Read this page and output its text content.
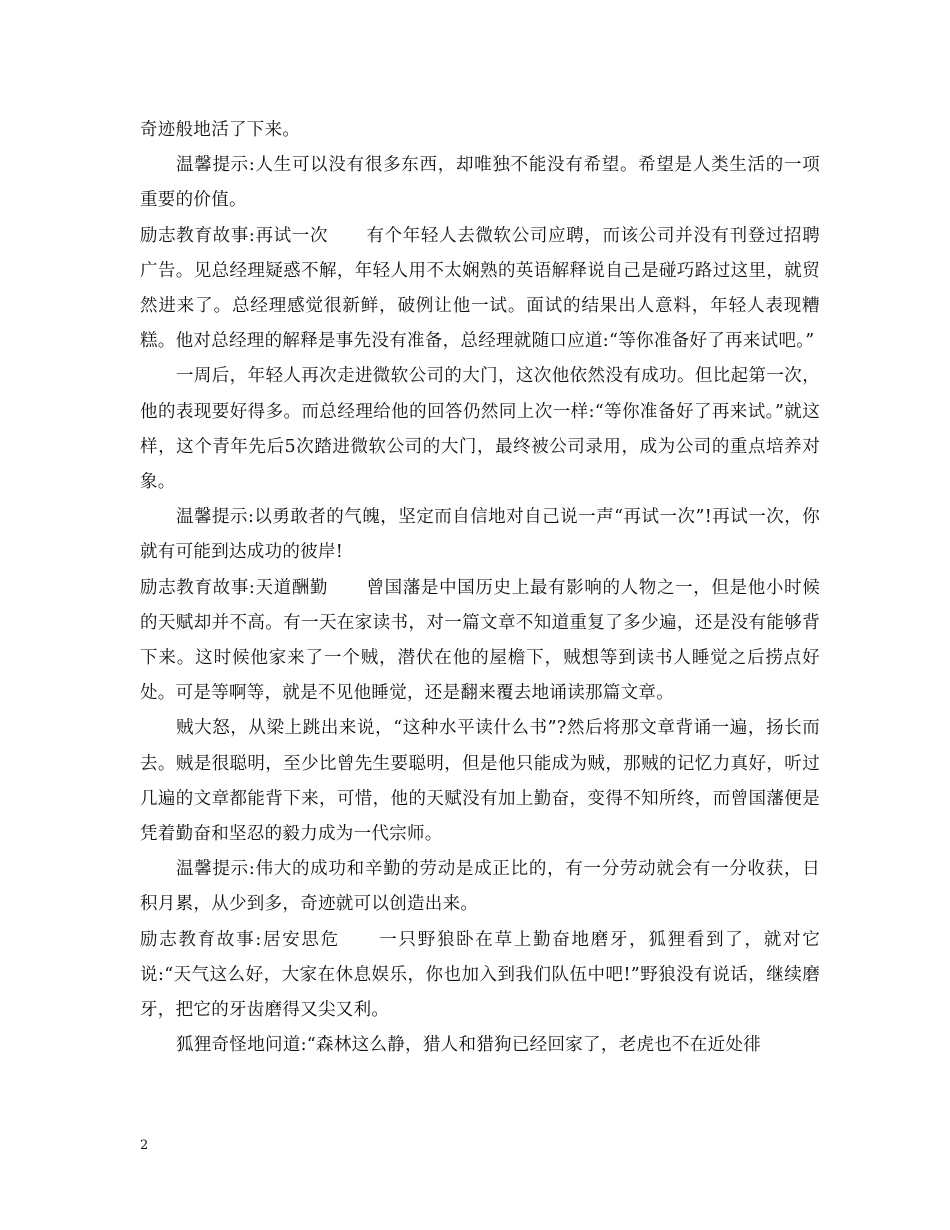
奇迹般地活了下来。

温馨提示:人生可以没有很多东西，却唯独不能没有希望。希望是人类生活的一项重要的价值。

励志教育故事:再试一次 有个年轻人去微软公司应聘，而该公司并没有刊登过招聘广告。见总经理疑惑不解，年轻人用不太娴熟的英语解释说自己是碰巧路过这里，就贸然进来了。总经理感觉很新鲜，破例让他一试。面试的结果出人意料，年轻人表现糟糕。他对总经理的解释是事先没有准备，总经理就随口应道:“等你准备好了再来试吧。”

一周后，年轻人再次走进微软公司的大门，这次他依然没有成功。但比起第一次，他的表现要好得多。而总经理给他的回答仍然同上次一样:“等你准备好了再来试。”就这样，这个青年先后5次踏进微软公司的大门，最终被公司录用，成为公司的重点培养对象。

温馨提示:以勇敢者的气魄，坚定而自信地对自己说一声“再试一次”!再试一次，你就有可能到达成功的彼岸!

励志教育故事:天道酬勤 曾国藩是中国历史上最有影响的人物之一，但是他小时候的天赋却并不高。有一天在家读书，对一篇文章不知道重复了多少遍，还是没有能够背下来。这时候他家来了一个贼，潜伏在他的屋檐下，贼想等到读书人睡觉之后捞点好处。可是等啊等，就是不见他睡觉，还是翻来覆去地诵读那篇文章。

贼大怒，从梁上跳出来说，“这种水平读什么书”?然后将那文章背诵一遍，扬长而去。贼是很聪明，至少比曾先生要聪明，但是他只能成为贼，那贼的记忆力真好，听过几遍的文章都能背下来，可惜，他的天赋没有加上勤奋，变得不知所终，而曾国藩便是凭着勤奋和坚忍的毅力成为一代宗师。

温馨提示:伟大的成功和辛勤的劳动是成正比的，有一分劳动就会有一分收获，日积月累，从少到多，奇迹就可以创造出来。

励志教育故事:居安思危 一只野狼卧在草上勤奋地磨牙，狐狸看到了，就对它说:“天气这么好，大家在休息娱乐，你也加入到我们队伍中吧!”野狼没有说话，继续磨牙，把它的牙齿磨得又尖又利。

狐狸奇怪地问道:“森林这么静，猎人和猎狗已经回家了，老虎也不在近处徘

2
